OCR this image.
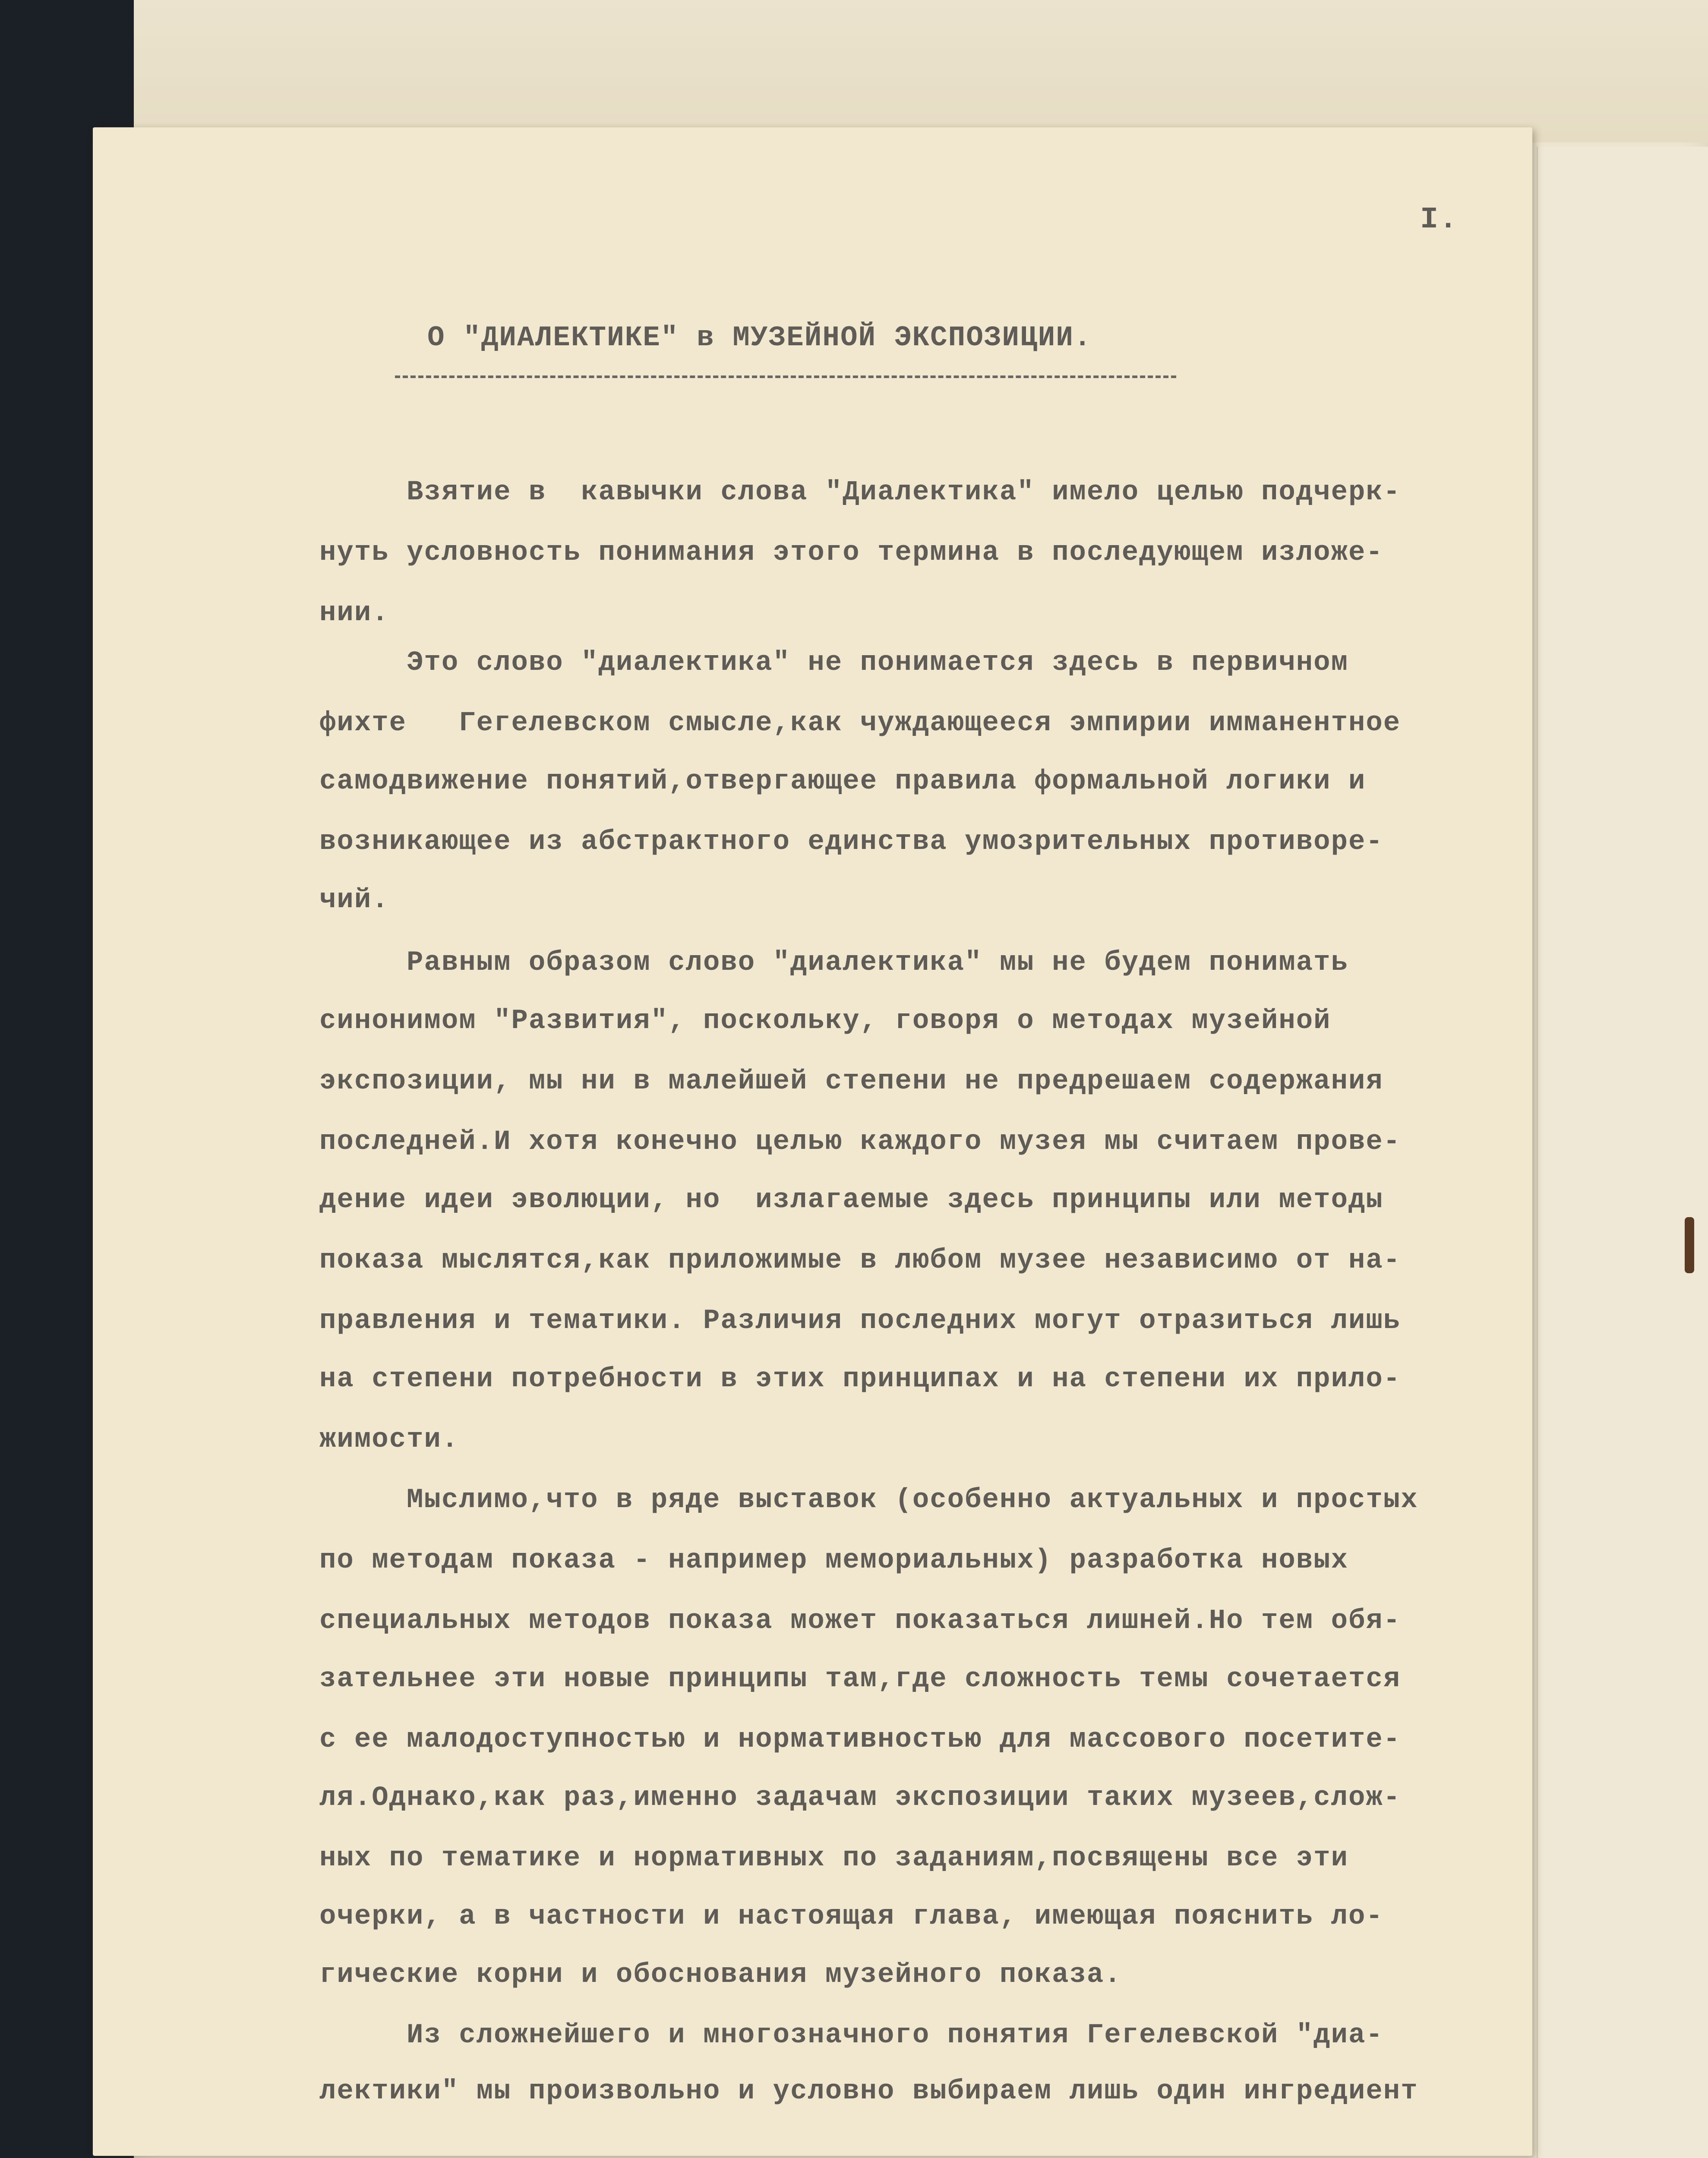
I.
О "ДИАЛЕКТИКЕ" в МУЗЕЙНОЙ ЭКСПОЗИЦИИ.
Взятие в  кавычки слова "Диалектика" имело целью подчерк-
нуть условность понимания этого термина в последующем изложе-
нии.
Это слово "диалектика" не понимается здесь в первичном
фихте   Гегелевском смысле,как чуждающееся эмпирии имманентное
самодвижение понятий,отвергающее правила формальной логики и
возникающее из абстрактного единства умозрительных противоре-
чий.
Равным образом слово "диалектика" мы не будем понимать
синонимом "Развития", поскольку, говоря о методах музейной
экспозиции, мы ни в малейшей степени не предрешаем содержания
последней.И хотя конечно целью каждого музея мы считаем прове-
дение идеи эволюции, но  излагаемые здесь принципы или методы
показа мыслятся,как приложимые в любом музее независимо от на-
правления и тематики. Различия последних могут отразиться лишь
на степени потребности в этих принципах и на степени их прило-
жимости.
Мыслимо,что в ряде выставок (особенно актуальных и простых
по методам показа - например мемориальных) разработка новых
специальных методов показа может показаться лишней.Но тем обя-
зательнее эти новые принципы там,где сложность темы сочетается
с ее малодоступностью и нормативностью для массового посетите-
ля.Однако,как раз,именно задачам экспозиции таких музеев,слож-
ных по тематике и нормативных по заданиям,посвящены все эти
очерки, а в частности и настоящая глава, имеющая пояснить ло-
гические корни и обоснования музейного показа.
Из сложнейшего и многозначного понятия Гегелевской "диа-
лектики" мы произвольно и условно выбираем лишь один ингредиент
